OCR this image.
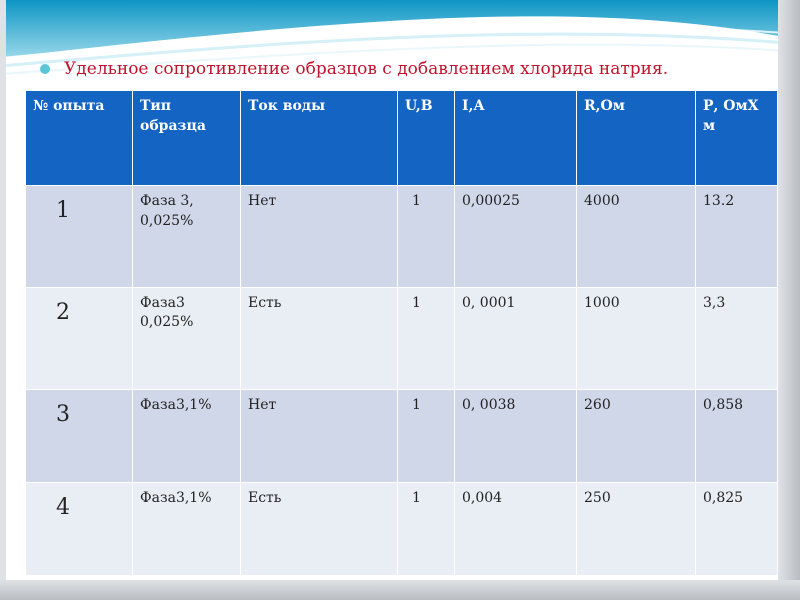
Удельное сопротивление образцов с добавлением хлорида натрия.
№ опыта	Тип образца	Ток воды	U,В	I,А	R,Ом	Р, ОмХ м
1	Фаза 3, 0,025%	Нет	1	0,00025	4000	13.2
2	Фаза3 0,025%	Есть	1	0, 0001	1000	3,3
3	Фаза3,1%	Нет	1	0, 0038	260	0,858
4	Фаза3,1%	Есть	1	0,004	250	0,825
